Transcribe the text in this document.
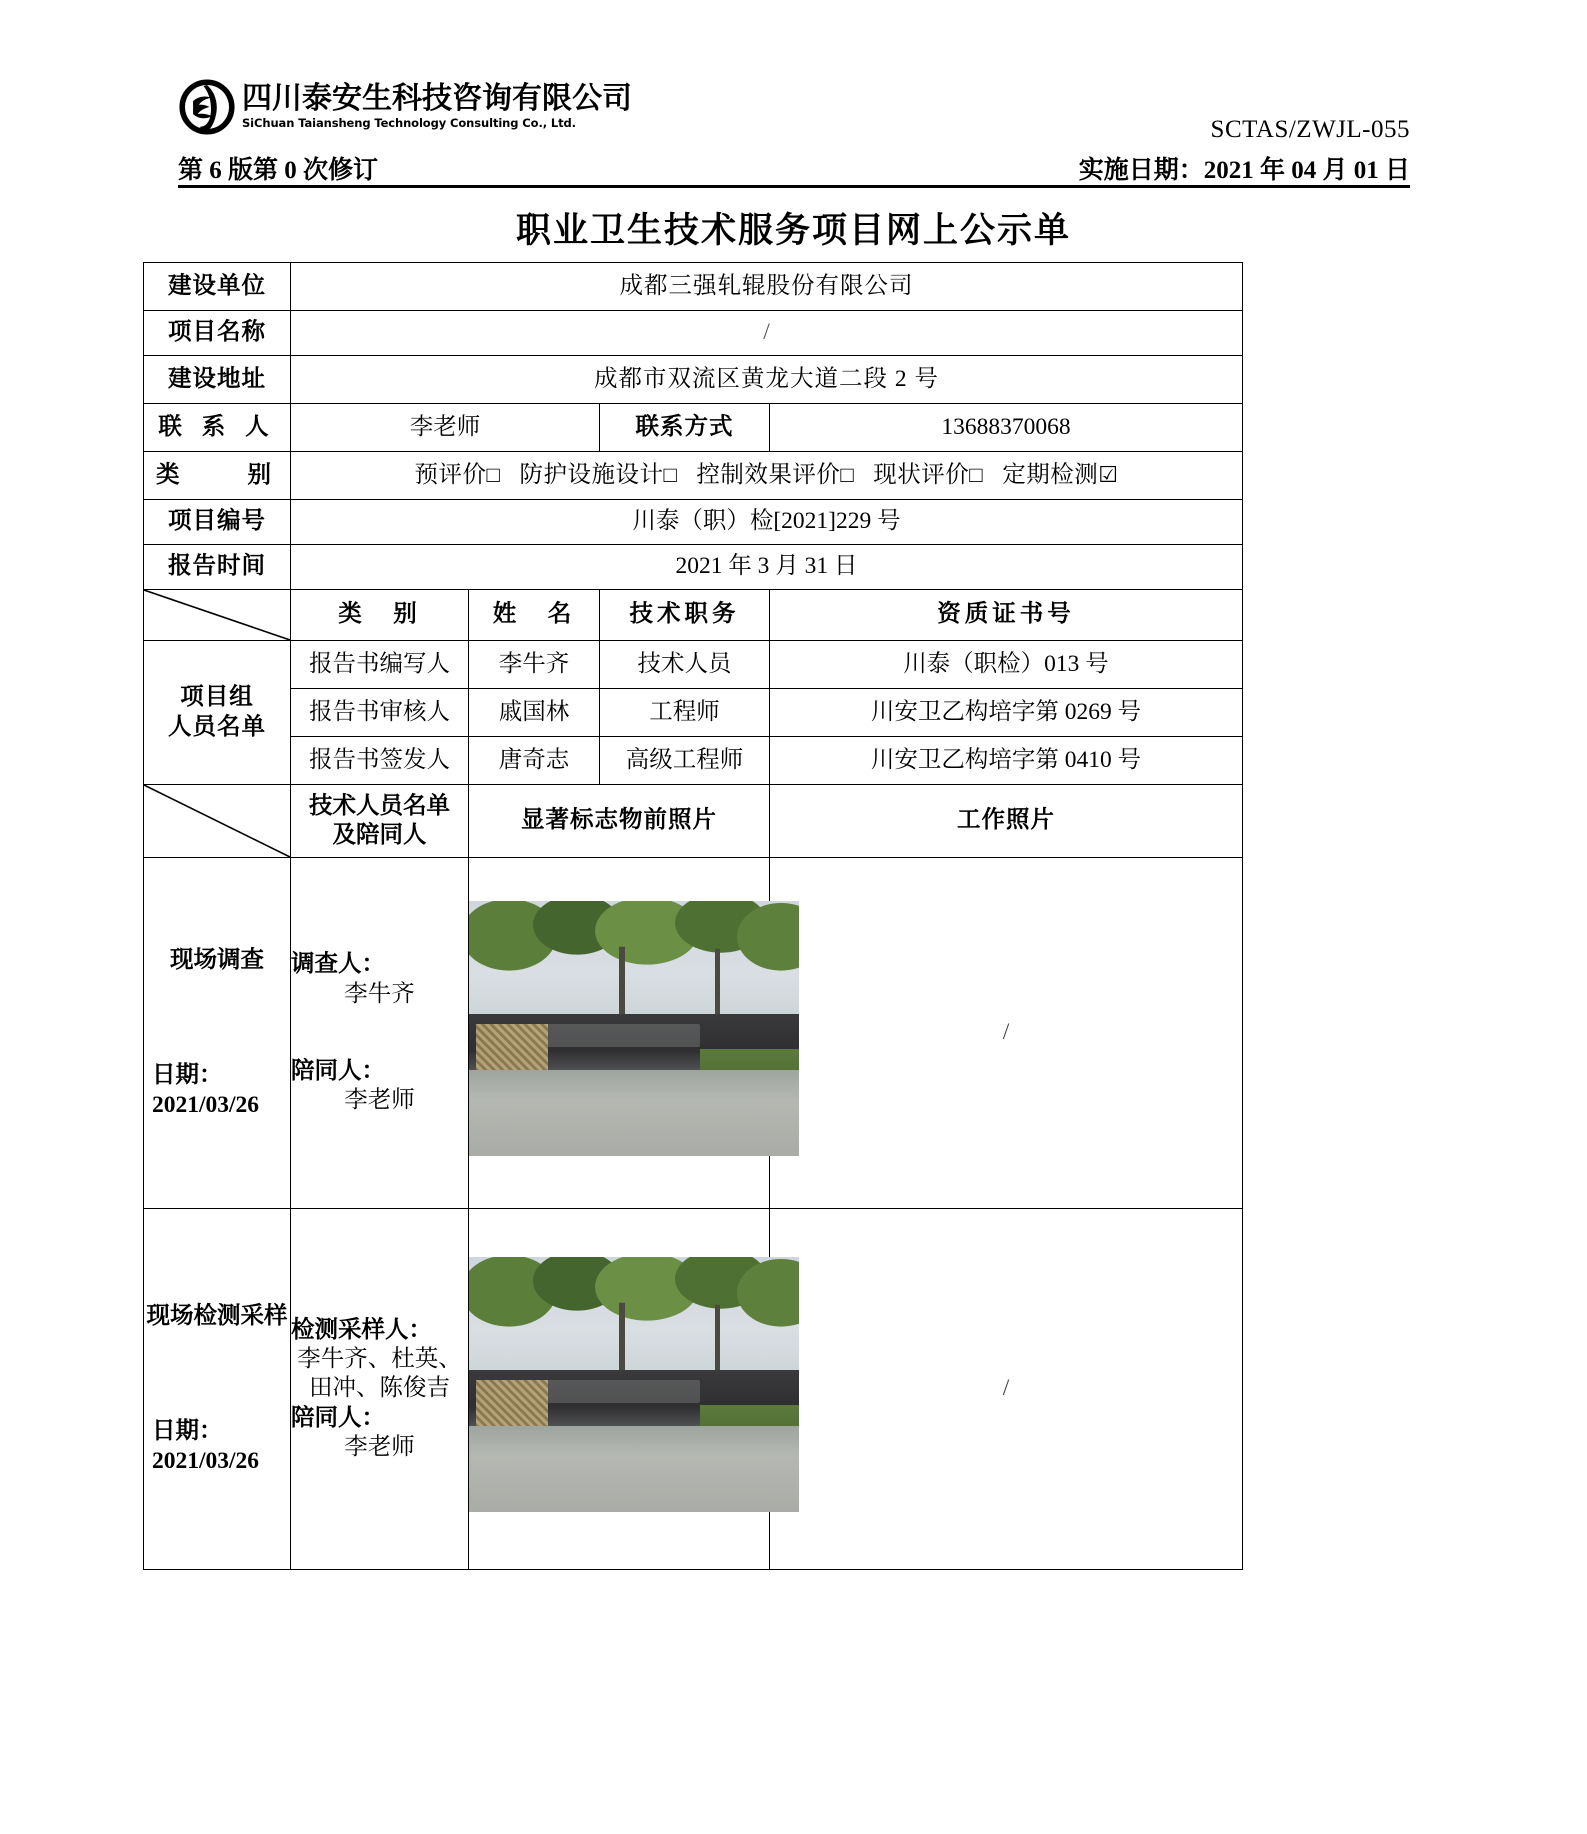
四川泰安生科技咨询有限公司
SiChuan Taiansheng Technology Consulting Co., Ltd.	SCTAS/ZWJL-055
第 6 版第 0 次修订	实施日期：2021 年 04 月 01 日
职业卫生技术服务项目网上公示单
建设单位	成都三强轧辊股份有限公司			
项目名称	/			
建设地址	成都市双流区黄龙大道二段 2 号			
联 系 人	李老师		联系方式	13688370068
类　　别	预评价□ 防护设施设计□ 控制效果评价□ 现状评价□ 定期检测☑			
项目编号	川泰（职）检[2021]229 号			
报告时间	2021 年 3 月 31 日			

	类　别	姓　名	技术职务	资质证书号
项目组
人员名单	报告书编写人	李牛齐	技术人员	川泰（职检）013 号
	报告书审核人	戚国林	工程师	川安卫乙构培字第 0269 号
	报告书签发人	唐奇志	高级工程师	川安卫乙构培字第 0410 号

	技术人员名单
及陪同人	显著标志物前照片		工作照片

现场调查
日期：
2021/03/26	调查人：
李牛齐
陪同人：
李老师			/

现场检测采样
日期：
2021/03/26	检测采样人：
李牛齐、杜英、田冲、陈俊吉
陪同人：
李老师			/
